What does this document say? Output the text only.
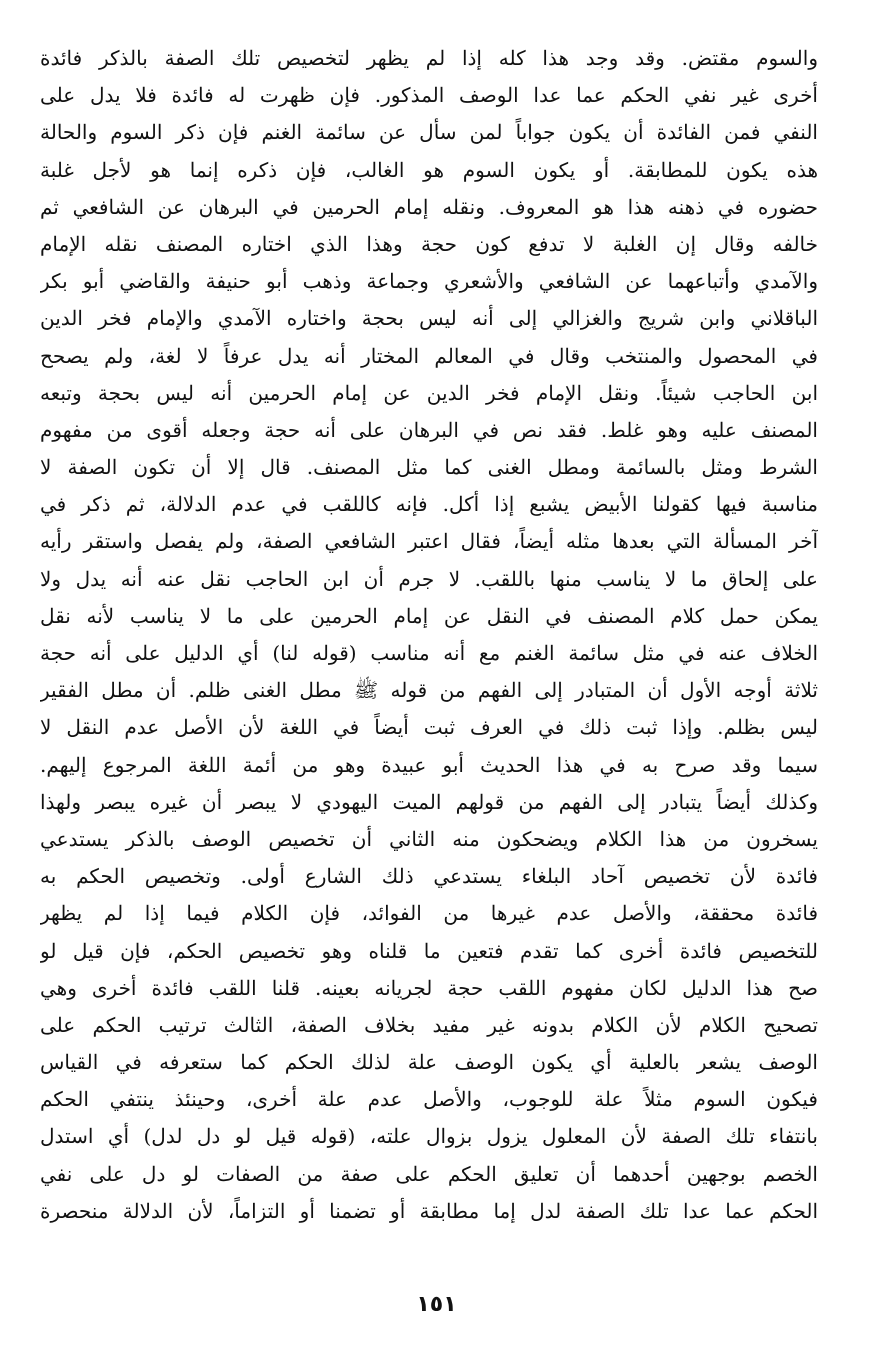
والسوم مقتض. وقد وجد هذا كله إذا لم يظهر لتخصيص تلك الصفة بالذكر فائدة
أخرى غير نفي الحكم عما عدا الوصف المذكور. فإن ظهرت له فائدة فلا يدل على
النفي فمن الفائدة أن يكون جواباً لمن سأل عن سائمة الغنم فإن ذكر السوم والحالة
هذه يكون للمطابقة. أو يكون السوم هو الغالب، فإن ذكره إنما هو لأجل غلبة
حضوره في ذهنه هذا هو المعروف. ونقله إمام الحرمين في البرهان عن الشافعي ثم
خالفه وقال إن الغلبة لا تدفع كون حجة وهذا الذي اختاره المصنف نقله الإمام
والآمدي وأتباعهما عن الشافعي والأشعري وجماعة وذهب أبو حنيفة والقاضي أبو بكر
الباقلاني وابن شريج والغزالي إلى أنه ليس بحجة واختاره الآمدي والإمام فخر الدين
في المحصول والمنتخب وقال في المعالم المختار أنه يدل عرفاً لا لغة، ولم يصحح
ابن الحاجب شيئاً. ونقل الإمام فخر الدين عن إمام الحرمين أنه ليس بحجة وتبعه
المصنف عليه وهو غلط. فقد نص في البرهان على أنه حجة وجعله أقوى من مفهوم
الشرط ومثل بالسائمة ومطل الغنى كما مثل المصنف. قال إلا أن تكون الصفة لا
مناسبة فيها كقولنا الأبيض يشبع إذا أكل. فإنه كاللقب في عدم الدلالة، ثم ذكر في
آخر المسألة التي بعدها مثله أيضاً، فقال اعتبر الشافعي الصفة، ولم يفصل واستقر رأيه
على إلحاق ما لا يناسب منها باللقب. لا جرم أن ابن الحاجب نقل عنه أنه يدل ولا
يمكن حمل كلام المصنف في النقل عن إمام الحرمين على ما لا يناسب لأنه نقل
الخلاف عنه في مثل سائمة الغنم مع أنه مناسب (قوله لنا) أي الدليل على أنه حجة
ثلاثة أوجه الأول أن المتبادر إلى الفهم من قوله ﷺ مطل الغنى ظلم. أن مطل الفقير
ليس بظلم. وإذا ثبت ذلك في العرف ثبت أيضاً في اللغة لأن الأصل عدم النقل لا
سيما وقد صرح به في هذا الحديث أبو عبيدة وهو من أئمة اللغة المرجوع إليهم.
وكذلك أيضاً يتبادر إلى الفهم من قولهم الميت اليهودي لا يبصر أن غيره يبصر ولهذا
يسخرون من هذا الكلام ويضحكون منه الثاني أن تخصيص الوصف بالذكر يستدعي
فائدة لأن تخصيص آحاد البلغاء يستدعي ذلك الشارع أولى. وتخصيص الحكم به
فائدة محققة، والأصل عدم غيرها من الفوائد، فإن الكلام فيما إذا لم يظهر
للتخصيص فائدة أخرى كما تقدم فتعين ما قلناه وهو تخصيص الحكم، فإن قيل لو
صح هذا الدليل لكان مفهوم اللقب حجة لجريانه بعينه. قلنا اللقب فائدة أخرى وهي
تصحيح الكلام لأن الكلام بدونه غير مفيد بخلاف الصفة، الثالث ترتيب الحكم على
الوصف يشعر بالعلية أي يكون الوصف علة لذلك الحكم كما ستعرفه في القياس
فيكون السوم مثلاً علة للوجوب، والأصل عدم علة أخرى، وحينئذ ينتفي الحكم
بانتفاء تلك الصفة لأن المعلول يزول بزوال علته، (قوله قيل لو دل لدل) أي استدل
الخصم بوجهين أحدهما أن تعليق الحكم على صفة من الصفات لو دل على نفي
الحكم عما عدا تلك الصفة لدل إما مطابقة أو تضمنا أو التزاماً، لأن الدلالة منحصرة
١٥١
